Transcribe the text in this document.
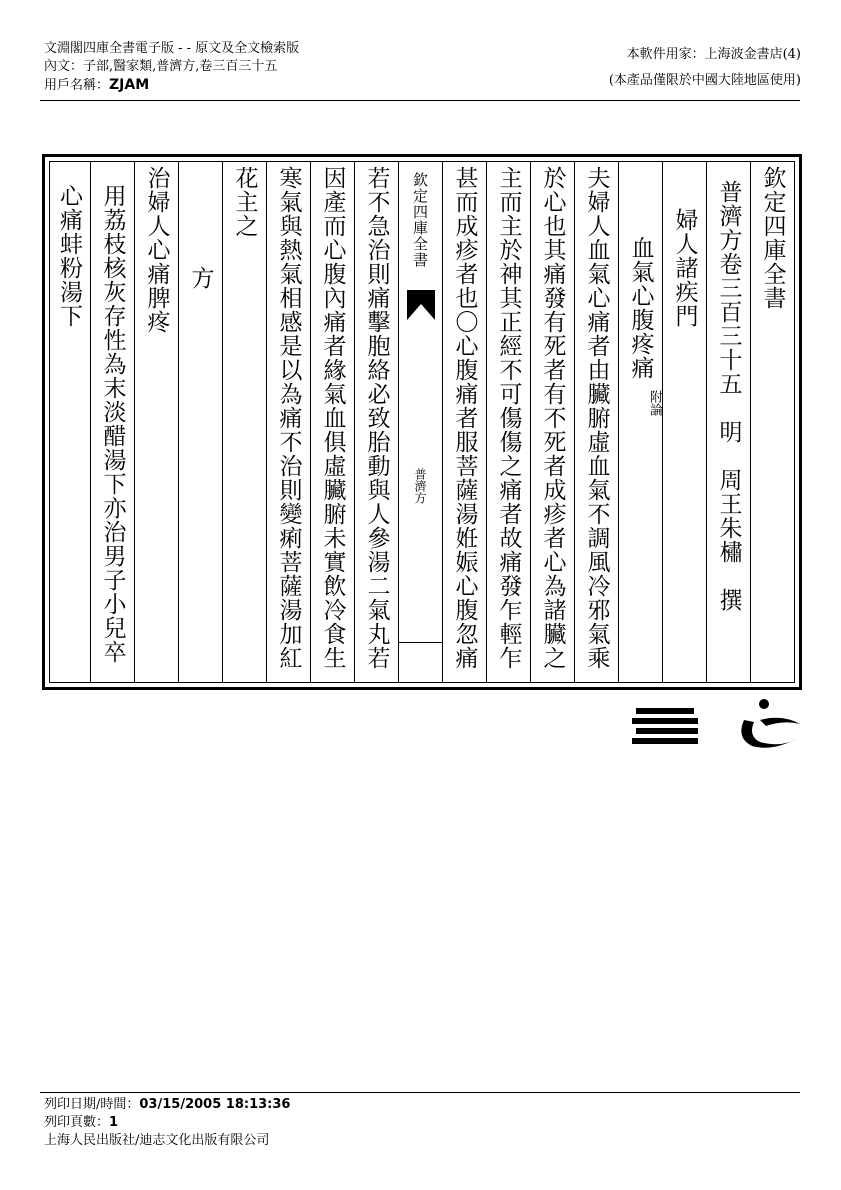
文淵閣四庫全書電子版 - - 原文及全文檢索版
內文：子部,醫家類,普濟方,卷三百三十五
用戶名稱：ZJAM
本軟件用家：上海波金書店(4)
(本產品僅限於中國大陸地區使用)
欽定四庫全書
普濟方卷三百三十五　明　周王朱橚　撰
婦人諸疾門
血氣心腹疼痛
附論
夫婦人血氣心痛者由臟腑虛血氣不調風冷邪氣乘
於心也其痛發有死者有不死者成疹者心為諸臟之
主而主於神其正經不可傷傷之痛者故痛發乍輕乍
甚而成疹者也〇心腹痛者服菩薩湯姙娠心腹忽痛
欽定四庫全書
普濟方
若不急治則痛擊胞絡必致胎動與人參湯二氣丸若
因產而心腹內痛者緣氣血俱虛臟腑未實飲冷食生
寒氣與熱氣相感是以為痛不治則變痢菩薩湯加紅
花主之
　　方
治婦人心痛脾疼
用荔枝核灰存性為末淡醋湯下亦治男子小兒卒
心痛蚌粉湯下
列印日期/時間：03/15/2005 18:13:36
列印頁數：1
上海人民出版社/迪志文化出版有限公司
